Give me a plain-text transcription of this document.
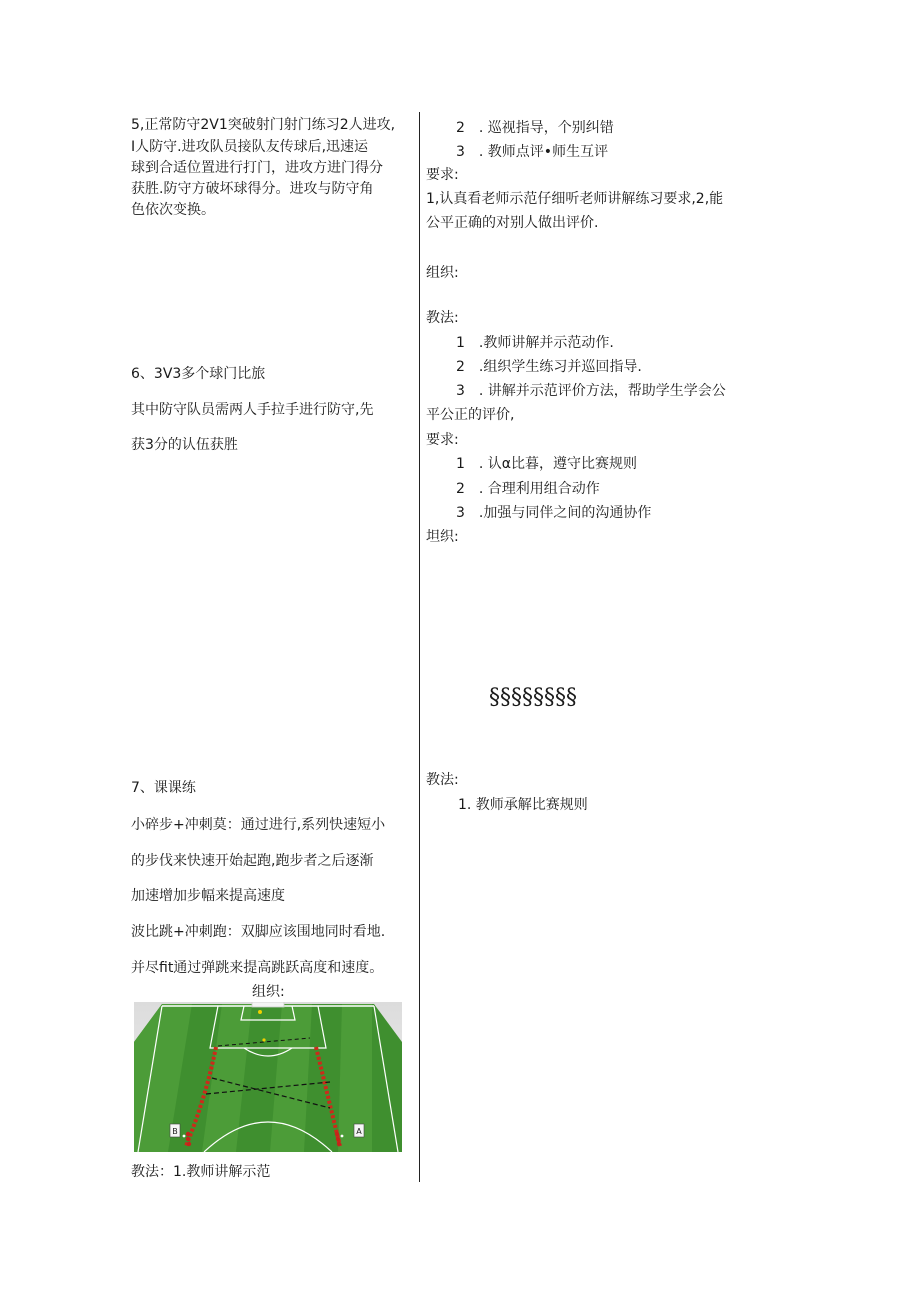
5,正常防守2V1突破射门射门练习2人进攻,
I人防守.进攻队员接队友传球后,迅速运
球到合适位置进行打门，进攻方进门得分
获胜.防守方破坏球得分。进攻与防守角
色依次变换。
6、3V3多个球门比旅
其中防守队员需两人手拉手进行防守,先
获3分的认伍获胜
7、课课练
小碎步+冲刺莫：通过进行,系列快速短小
的步伐来快速开始起跑,跑步者之后逐渐
加速增加步幅来提高速度
波比跳+冲刺跑：双脚应该围地同时看地.
并尽fit通过弹跳来提高跳跃高度和速度。
组织:
B	A
教法：1.教师讲解示范
2　. 巡视指导，个别纠错
3　. 教师点评•师生互评
要求:
1,认真看老师示范仔细听老师讲解练习要求,2,能
公平正确的对别人做出评价.
组织:
教法:
1　.教师讲解并示范动作.
2　.组织学生练习并巡回指导.
3　. 讲解并示范评价方法，帮助学生学会公
平公正的评价,
要求:
1　. 认α比暮，遵守比赛规则
2　. 合理利用组合动作
3　.加强与同伴之间的沟通协作
坦织:
§§§§§§§§
教法:
1. 教师承解比赛规则
